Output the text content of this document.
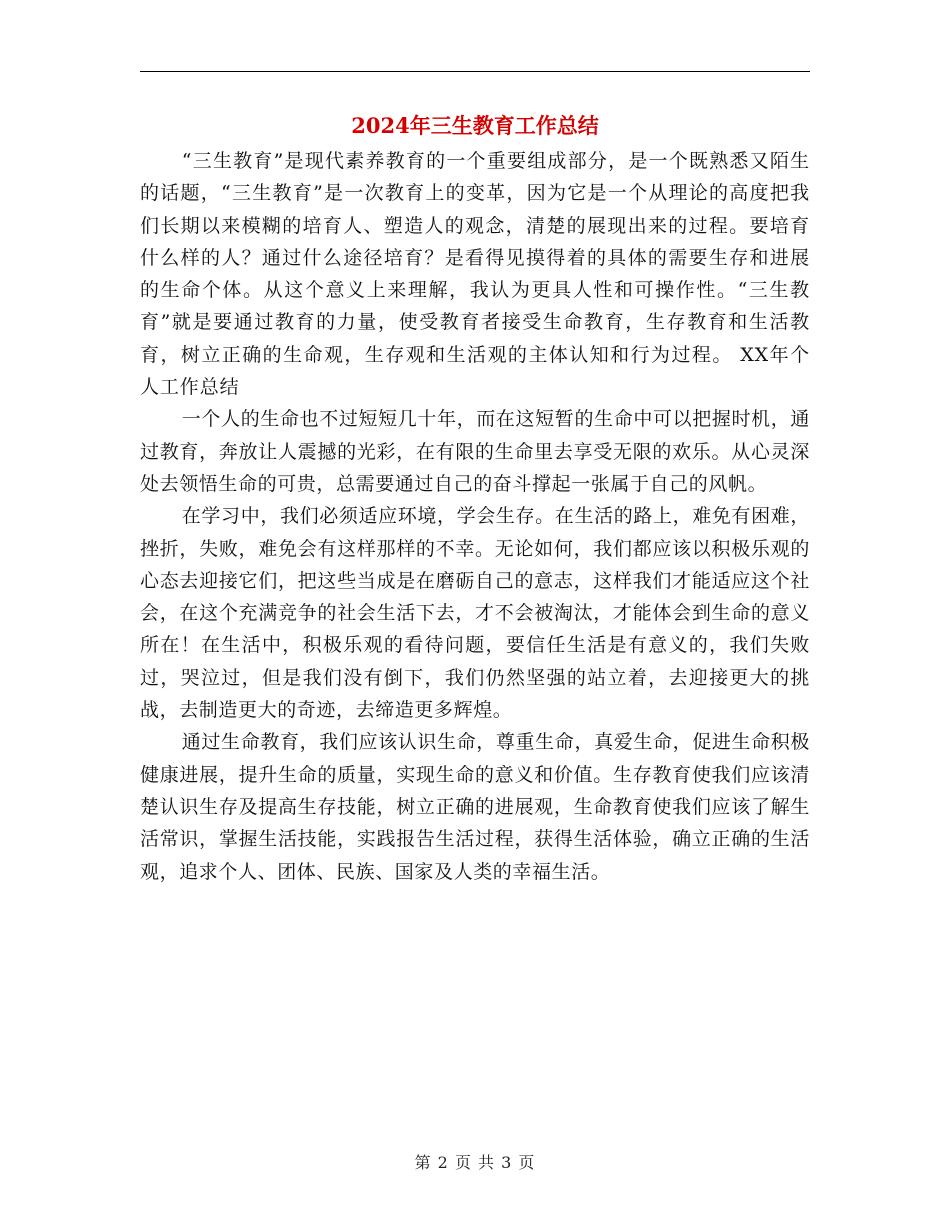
2024年三生教育工作总结

“三生教育”是现代素养教育的一个重要组成部分，是一个既熟悉又陌生的话题，“三生教育”是一次教育上的变革，因为它是一个从理论的高度把我们长期以来模糊的培育人、塑造人的观念，清楚的展现出来的过程。要培育什么样的人？通过什么途径培育？是看得见摸得着的具体的需要生存和进展的生命个体。从这个意义上来理解，我认为更具人性和可操作性。“三生教育”就是要通过教育的力量，使受教育者接受生命教育，生存教育和生活教育，树立正确的生命观，生存观和生活观的主体认知和行为过程。 XX年个人工作总结

一个人的生命也不过短短几十年，而在这短暂的生命中可以把握时机，通过教育，奔放让人震撼的光彩，在有限的生命里去享受无限的欢乐。从心灵深处去领悟生命的可贵，总需要通过自己的奋斗撑起一张属于自己的风帆。

在学习中，我们必须适应环境，学会生存。在生活的路上，难免有困难，挫折，失败，难免会有这样那样的不幸。无论如何，我们都应该以积极乐观的心态去迎接它们，把这些当成是在磨砺自己的意志，这样我们才能适应这个社会，在这个充满竞争的社会生活下去，才不会被淘汰，才能体会到生命的意义所在！在生活中，积极乐观的看待问题，要信任生活是有意义的，我们失败过，哭泣过，但是我们没有倒下，我们仍然坚强的站立着，去迎接更大的挑战，去制造更大的奇迹，去缔造更多辉煌。

通过生命教育，我们应该认识生命，尊重生命，真爱生命，促进生命积极健康进展，提升生命的质量，实现生命的意义和价值。生存教育使我们应该清楚认识生存及提高生存技能，树立正确的进展观，生命教育使我们应该了解生活常识，掌握生活技能，实践报告生活过程，获得生活体验，确立正确的生活观，追求个人、团体、民族、国家及人类的幸福生活。

第 2 页 共 3 页
